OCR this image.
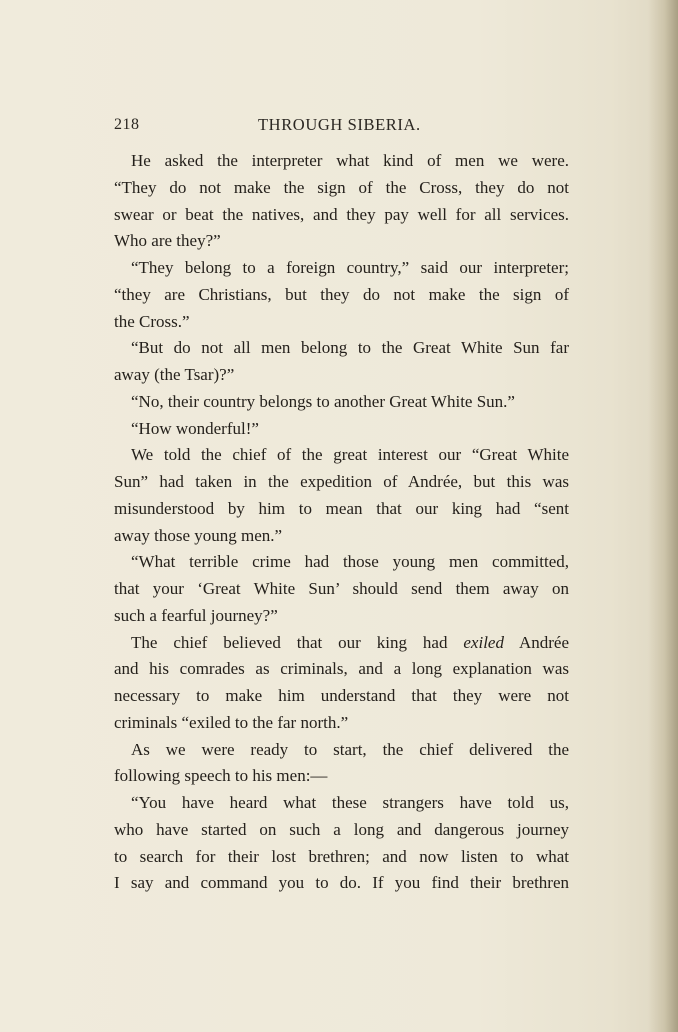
218	THROUGH SIBERIA.
He asked the interpreter what kind of men we were.
“They do not make the sign of the Cross, they do not
swear or beat the natives, and they pay well for all services.
Who are they?”
“They belong to a foreign country,” said our interpreter;
“they are Christians, but they do not make the sign of
the Cross.”
“But do not all men belong to the Great White Sun far
away (the Tsar)?”
“No, their country belongs to another Great White Sun.”
“How wonderful!”
We told the chief of the great interest our “Great White
Sun” had taken in the expedition of Andrée, but this was
misunderstood by him to mean that our king had “sent
away those young men.”
“What terrible crime had those young men committed,
that your ‘Great White Sun’ should send them away on
such a fearful journey?”
The chief believed that our king had exiled Andrée
and his comrades as criminals, and a long explanation was
necessary to make him understand that they were not
criminals “exiled to the far north.”
As we were ready to start, the chief delivered the
following speech to his men:—
“You have heard what these strangers have told us,
who have started on such a long and dangerous journey
to search for their lost brethren; and now listen to what
I say and command you to do. If you find their brethren
